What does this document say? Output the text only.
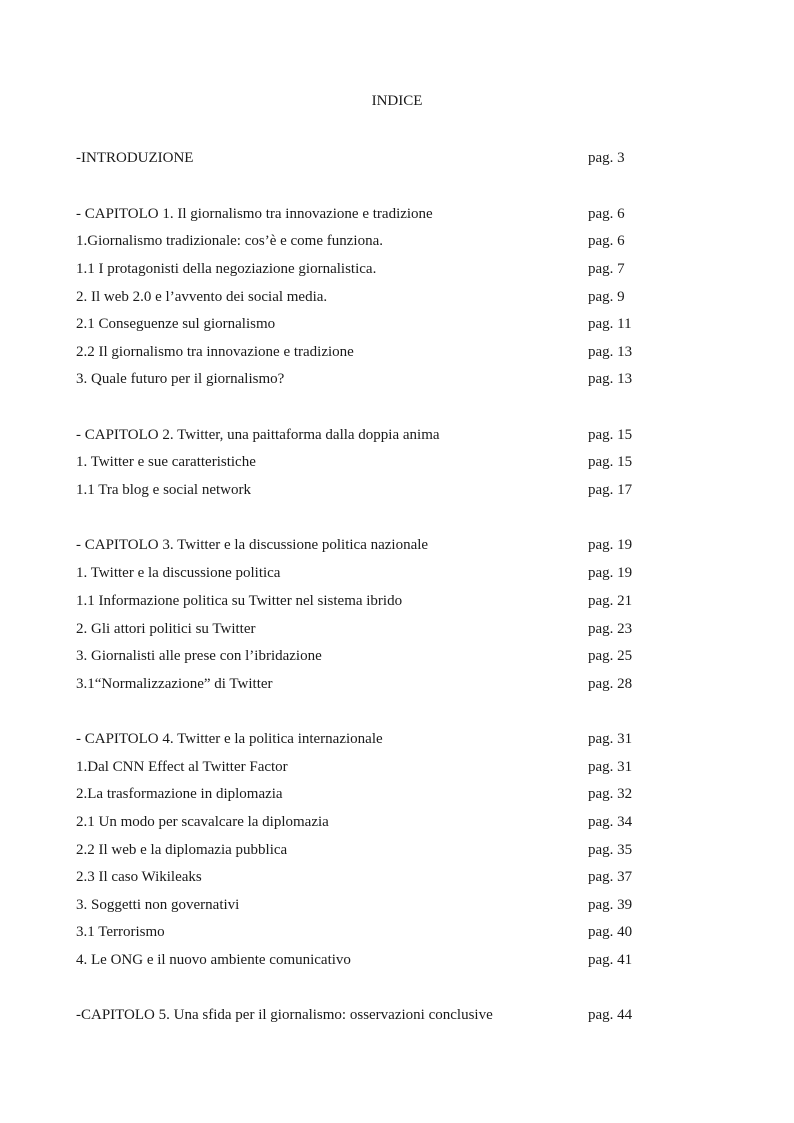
INDICE
-INTRODUZIONE	pag. 3
- CAPITOLO 1. Il giornalismo tra innovazione e tradizione	pag. 6
1.Giornalismo tradizionale: cos’è e come funziona.	pag. 6
1.1 I protagonisti della negoziazione giornalistica.	pag. 7
2. Il web 2.0 e l’avvento dei social media.	pag. 9
2.1 Conseguenze sul giornalismo	pag. 11
2.2 Il giornalismo tra innovazione e tradizione	pag. 13
3. Quale futuro per il giornalismo?	pag. 13
- CAPITOLO 2. Twitter, una paittaforma dalla doppia anima	pag. 15
1. Twitter e sue caratteristiche	pag. 15
1.1 Tra blog e social network	pag. 17
- CAPITOLO 3. Twitter e la discussione politica nazionale	pag. 19
1. Twitter e la discussione politica	pag. 19
1.1 Informazione politica su Twitter nel sistema ibrido	pag. 21
2. Gli attori politici su Twitter	pag. 23
3. Giornalisti alle prese con l’ibridazione	pag. 25
3.1“Normalizzazione” di Twitter	pag. 28
- CAPITOLO 4. Twitter e la politica internazionale	pag. 31
1.Dal CNN Effect al Twitter Factor	pag. 31
2.La trasformazione in diplomazia	pag. 32
2.1 Un modo per scavalcare la diplomazia	pag. 34
2.2 Il web e la diplomazia pubblica	pag. 35
2.3 Il caso Wikileaks	pag. 37
3. Soggetti non governativi	pag. 39
3.1 Terrorismo	pag. 40
4. Le ONG e il nuovo ambiente comunicativo	pag. 41
-CAPITOLO 5. Una sfida per il giornalismo: osservazioni conclusive	pag. 44
